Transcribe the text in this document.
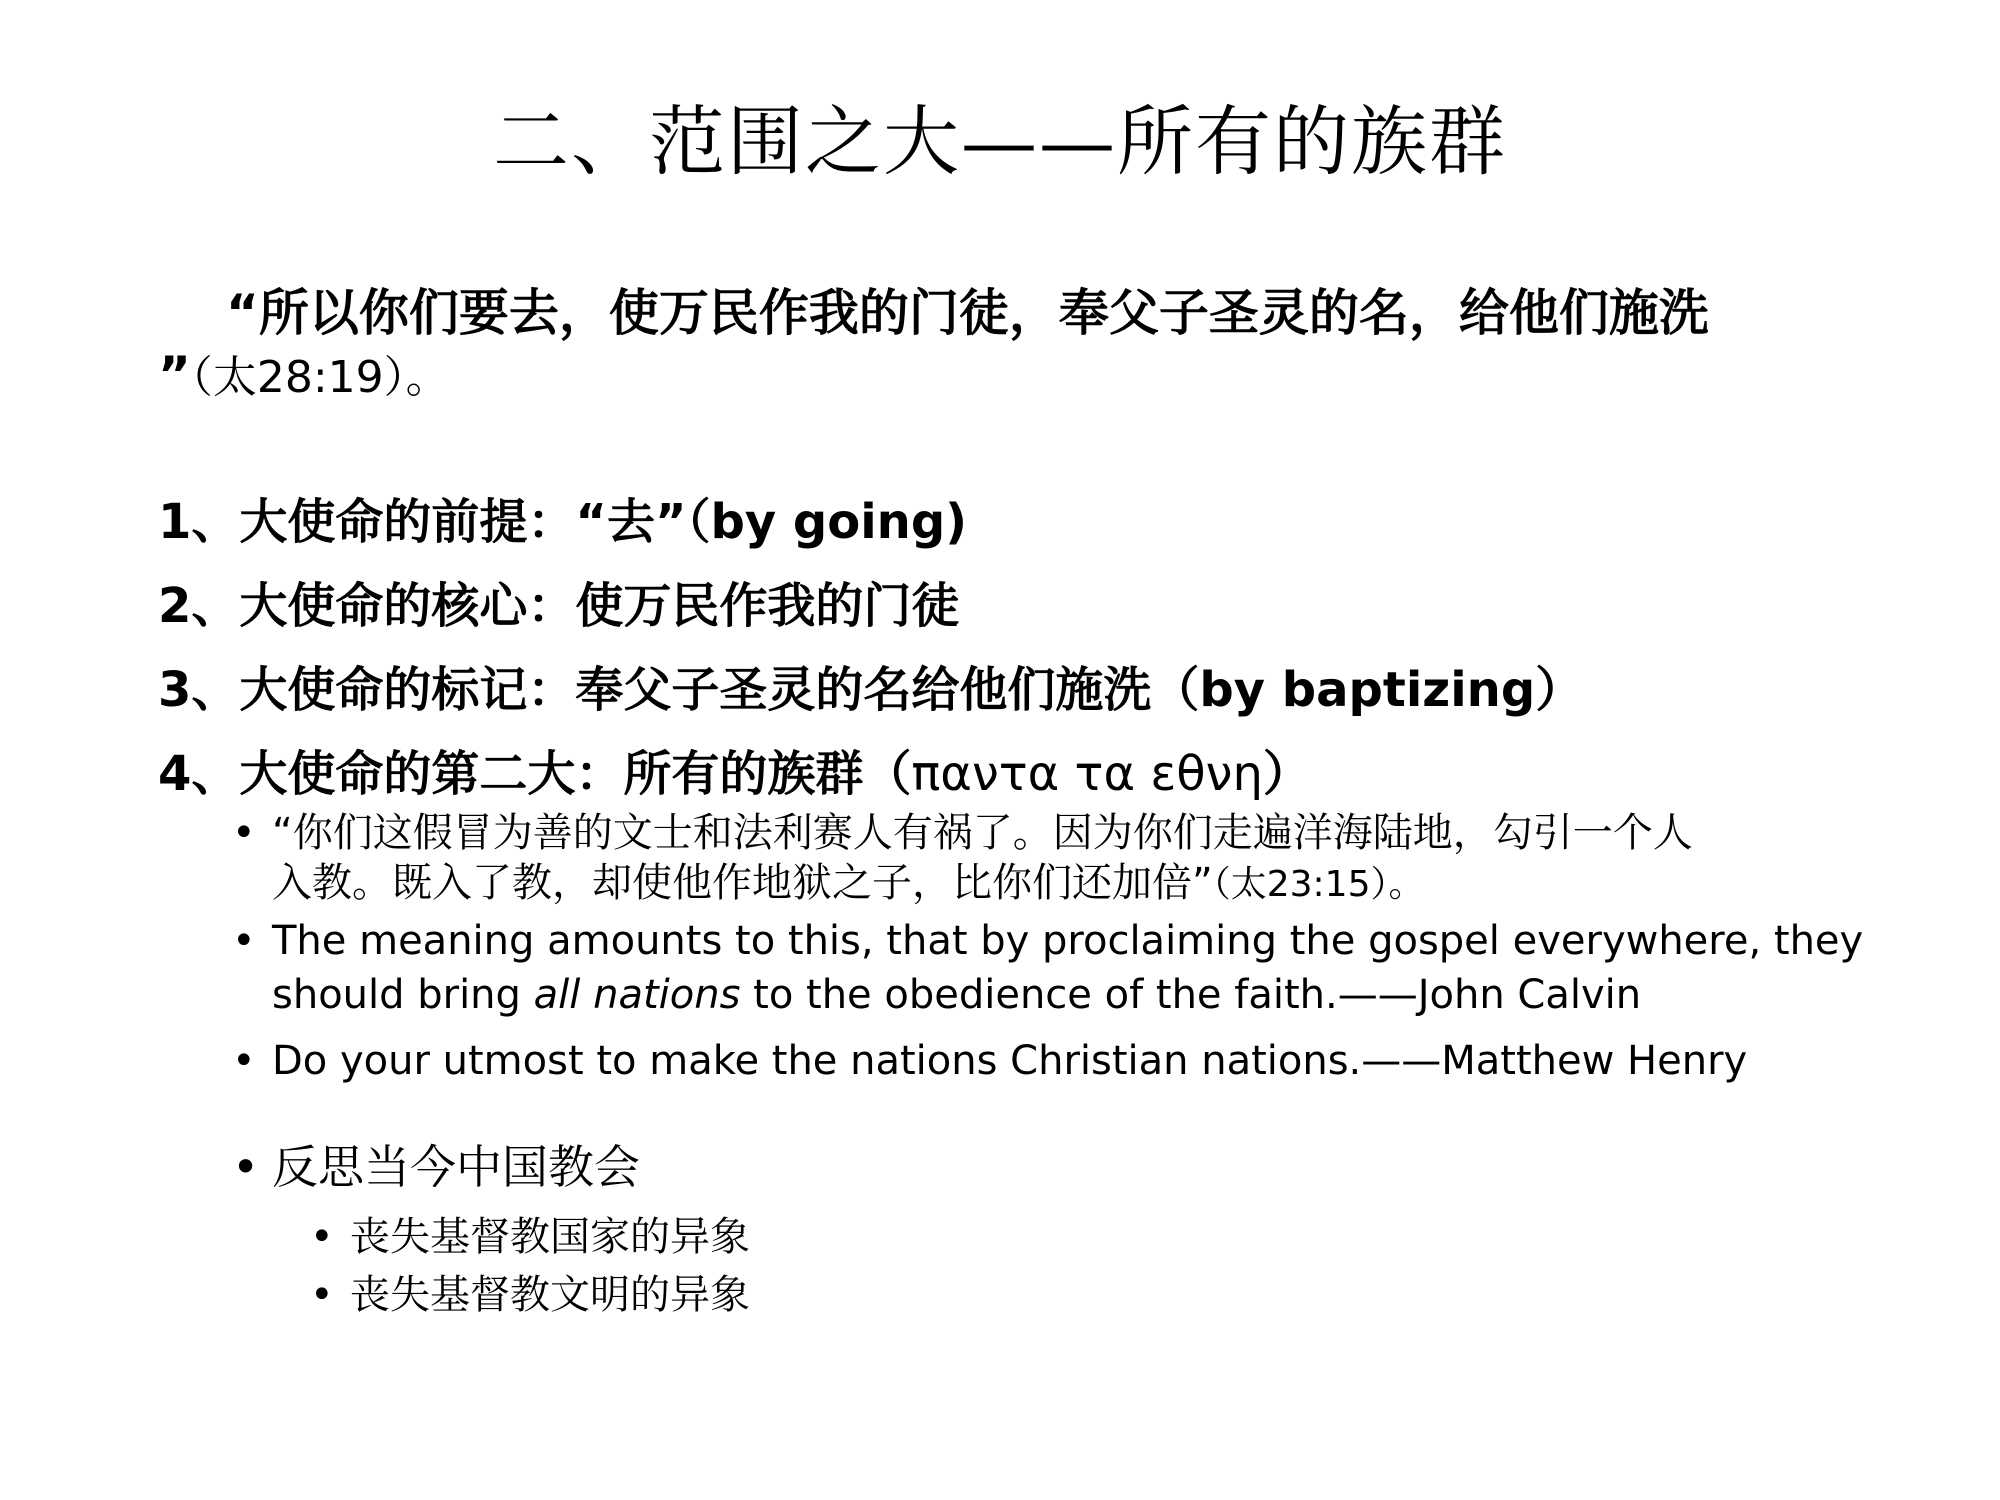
二、范围之大——所有的族群
“所以你们要去，使万民作我的门徒，奉父子圣灵的名，给他们施洗
”（太28:19）。
1、大使命的前提：“去”（by going)
2、大使命的核心：使万民作我的门徒
3、大使命的标记：奉父子圣灵的名给他们施洗（by baptizing）
4、大使命的第二大：所有的族群（παντα τα εθνη）
• “你们这假冒为善的文士和法利赛人有祸了。因为你们走遍洋海陆地，勾引一个人
入教。既入了教，却使他作地狱之子，比你们还加倍”（太23:15）。
• The meaning amounts to this, that by proclaiming the gospel everywhere, they
should bring all nations to the obedience of the faith.——John Calvin
• Do your utmost to make the nations Christian nations.——Matthew Henry
• 反思当今中国教会
• 丧失基督教国家的异象
• 丧失基督教文明的异象
